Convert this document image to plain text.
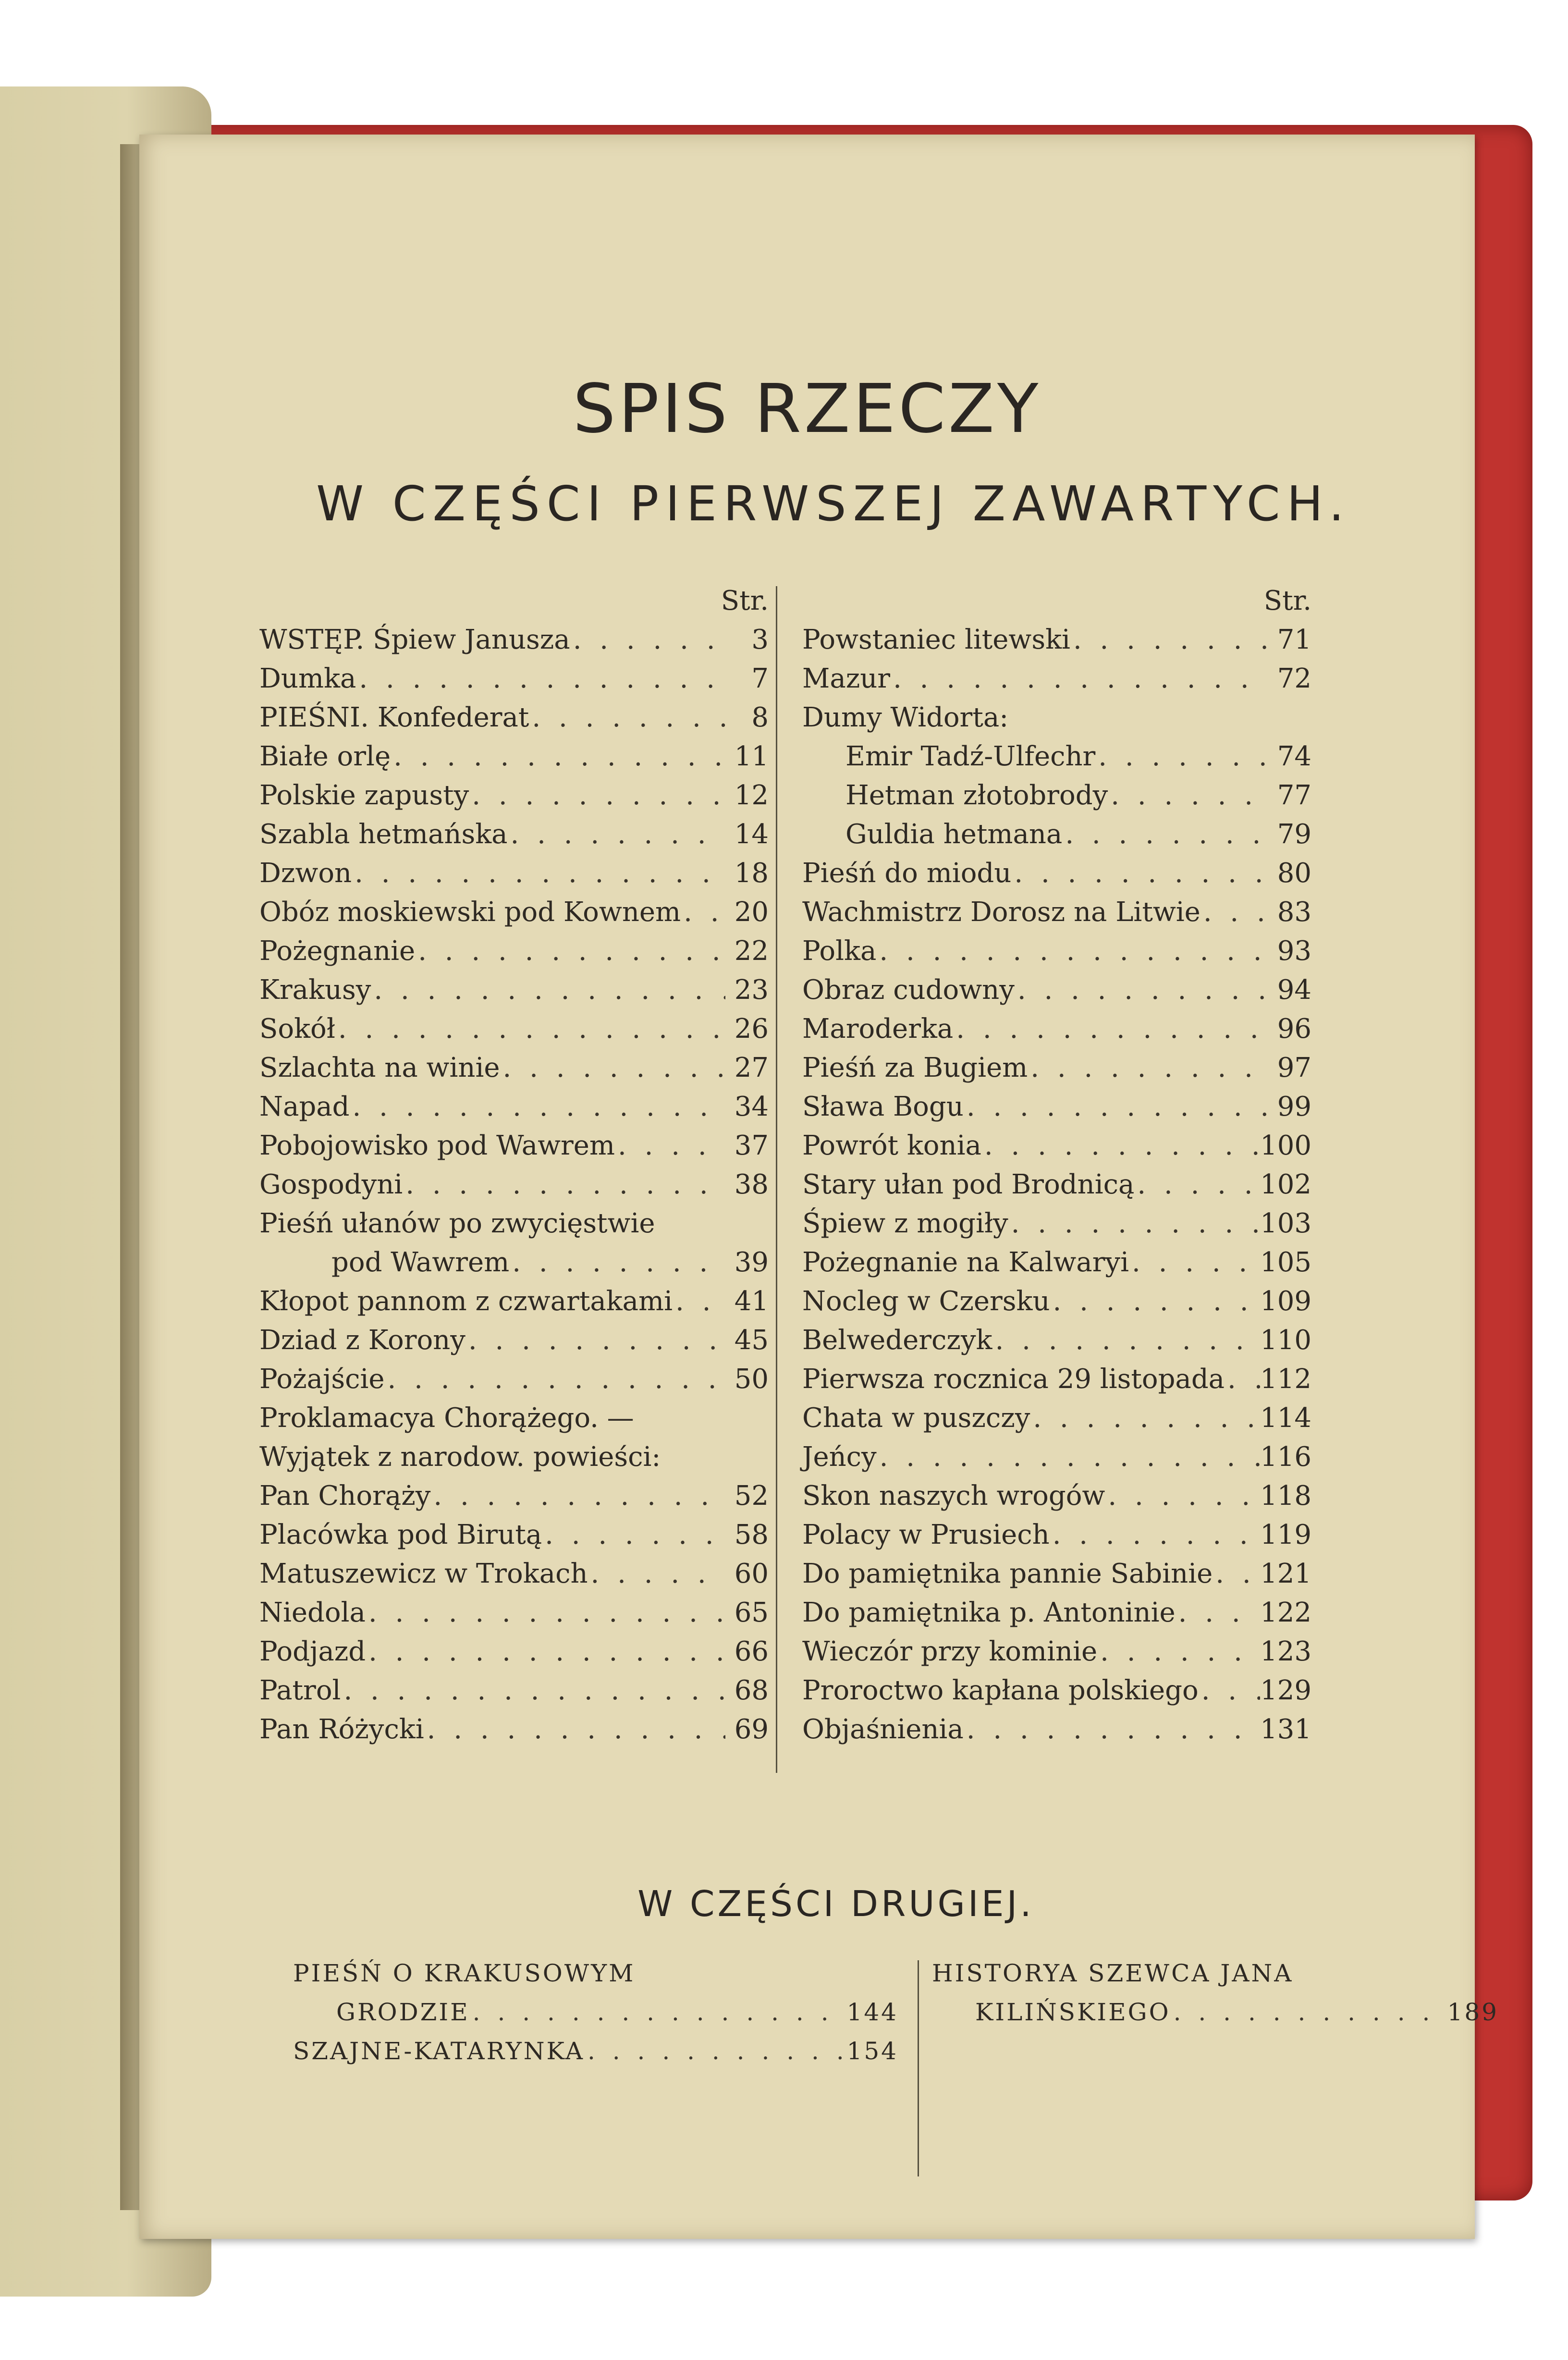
SPIS RZECZY
W CZĘŚCI PIERWSZEJ ZAWARTYCH.
Str.
WSTĘP. Śpiew Janusza . . .	3
Dumka . . .	7
PIEŚNI. Konfederat . . .	8
Białe orlę . . .	11
Polskie zapusty . . .	12
Szabla hetmańska . . .	14
Dzwon . . .	18
Obóz moskiewski pod Kownem . . .	20
Pożegnanie . . .	22
Krakusy . . .	23
Sokół . . .	26
Szlachta na winie . . .	27
Napad . . .	34
Pobojowisko pod Wawrem . . .	37
Gospodyni . . .	38
Pieśń ułanów po zwycięstwie
pod Wawrem . . .	39
Kłopot pannom z czwartakami . . .	41
Dziad z Korony . . .	45
Pożajście . . .	50
Proklamacya Chorążego. —
Wyjątek z narodow. powieści:
Pan Chorąży . . .	52
Placówka pod Birutą . . .	58
Matuszewicz w Trokach . . .	60
Niedola . . .	65
Podjazd . . .	66
Patrol . . .	68
Pan Różycki . . .	69
Str.
Powstaniec litewski . . .	71
Mazur . . .	72
Dumy Widorta:
Emir Tadź-Ulfechr . . .	74
Hetman złotobrody . . .	77
Guldia hetmana . . .	79
Pieśń do miodu . . .	80
Wachmistrz Dorosz na Litwie . . .	83
Polka . . .	93
Obraz cudowny . . .	94
Maroderka . . .	96
Pieśń za Bugiem . . .	97
Sława Bogu . . .	99
Powrót konia . . .	100
Stary ułan pod Brodnicą . . .	102
Śpiew z mogiły . . .	103
Pożegnanie na Kalwaryi . . .	105
Nocleg w Czersku . . .	109
Belwederczyk . . .	110
Pierwsza rocznica 29 listopada . . . 112
Chata w puszczy . . .	114
Jeńcy . . .	116
Skon naszych wrogów . . .	118
Polacy w Prusiech . . .	119
Do pamiętnika pannie Sabinie . . . 121
Do pamiętnika p. Antoninie . . .	122
Wieczór przy kominie . . .	123
Proroctwo kapłana polskiego . . . 129
Objaśnienia . . .	131
W CZĘŚCI DRUGIEJ.
PIEŚŃ O KRAKUSOWYM
GRODZIE . . .	144
SZAJNE-KATARYNKA . . .	154
HISTORYA SZEWCA JANA
KILIŃSKIEGO . . .	189
